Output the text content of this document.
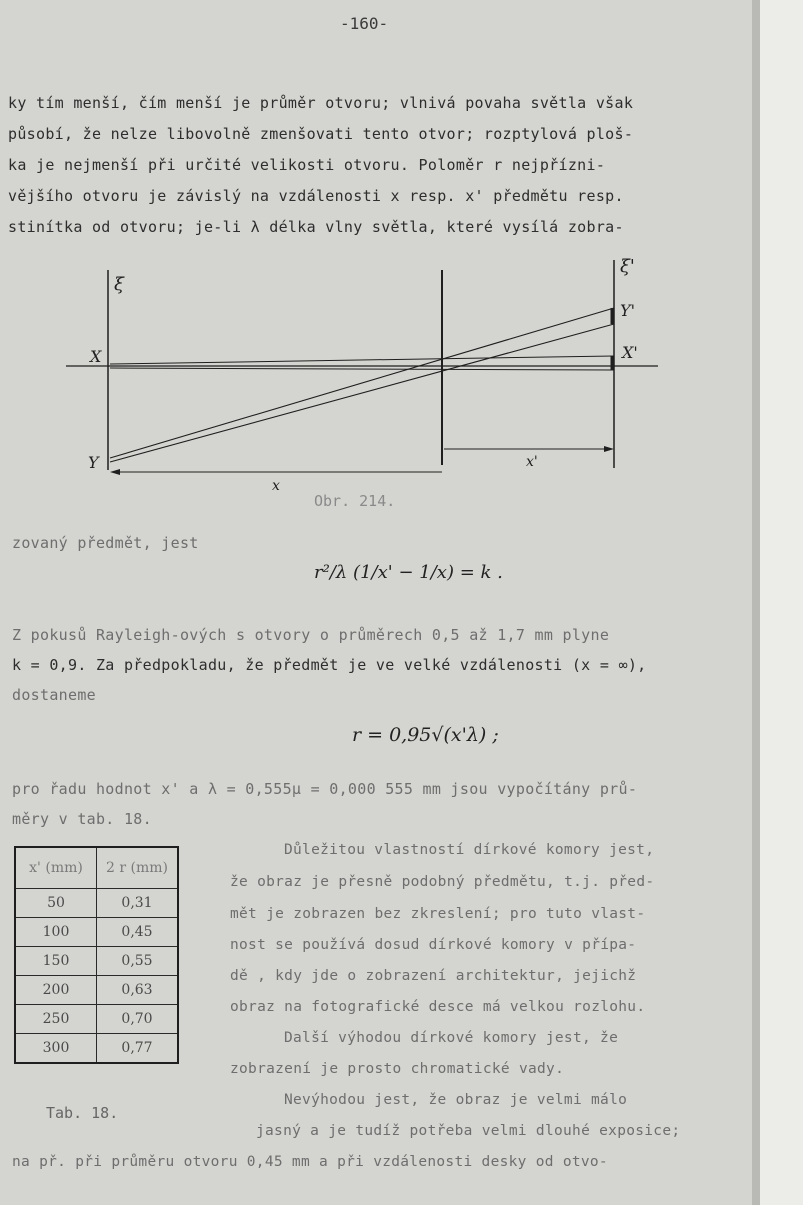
-160-
ky tím menší, čím menší je průměr otvoru; vlnivá povaha světla však
působí, že nelze libovolně zmenšovati tento otvor; rozptylová ploš-
ka je nejmenší při určité velikosti otvoru. Poloměr r nejpřízni-
vějšího otvoru je závislý na vzdálenosti x resp. x' předmětu resp.
stinítka od otvoru; je-li λ délka vlny světla, které vysílá zobra-
ξ
ξ'
X
Y
X'
Y'
x
x'
Obr. 214.
zovaný předmět, jest
r²/λ (1/x' − 1/x) = k .
Z pokusů Rayleigh-ových s otvory o průměrech 0,5 až 1,7 mm plyne
k = 0,9. Za předpokladu, že předmět je ve velké vzdálenosti (x = ∞),
dostaneme
r = 0,95√(x'λ) ;
pro řadu hodnot x' a λ = 0,555μ = 0,000 555 mm jsou vypočítány prů-
měry v tab. 18.
x' (mm)	2 r (mm)
50	0,31
100	0,45
150	0,55
200	0,63
250	0,70
300	0,77
Tab. 18.
Důležitou vlastností dírkové komory jest,
že obraz je přesně podobný předmětu, t.j. před-
mět je zobrazen bez zkreslení; pro tuto vlast-
nost se používá dosud dírkové komory v přípa-
dě , kdy jde o zobrazení architektur, jejichž
obraz na fotografické desce má velkou rozlohu.
Další výhodou dírkové komory jest, že
zobrazení je prosto chromatické vady.
Nevýhodou jest, že obraz je velmi málo
jasný a je tudíž potřeba velmi dlouhé exposice;
na př. při průměru otvoru 0,45 mm a při vzdálenosti desky od otvo-
